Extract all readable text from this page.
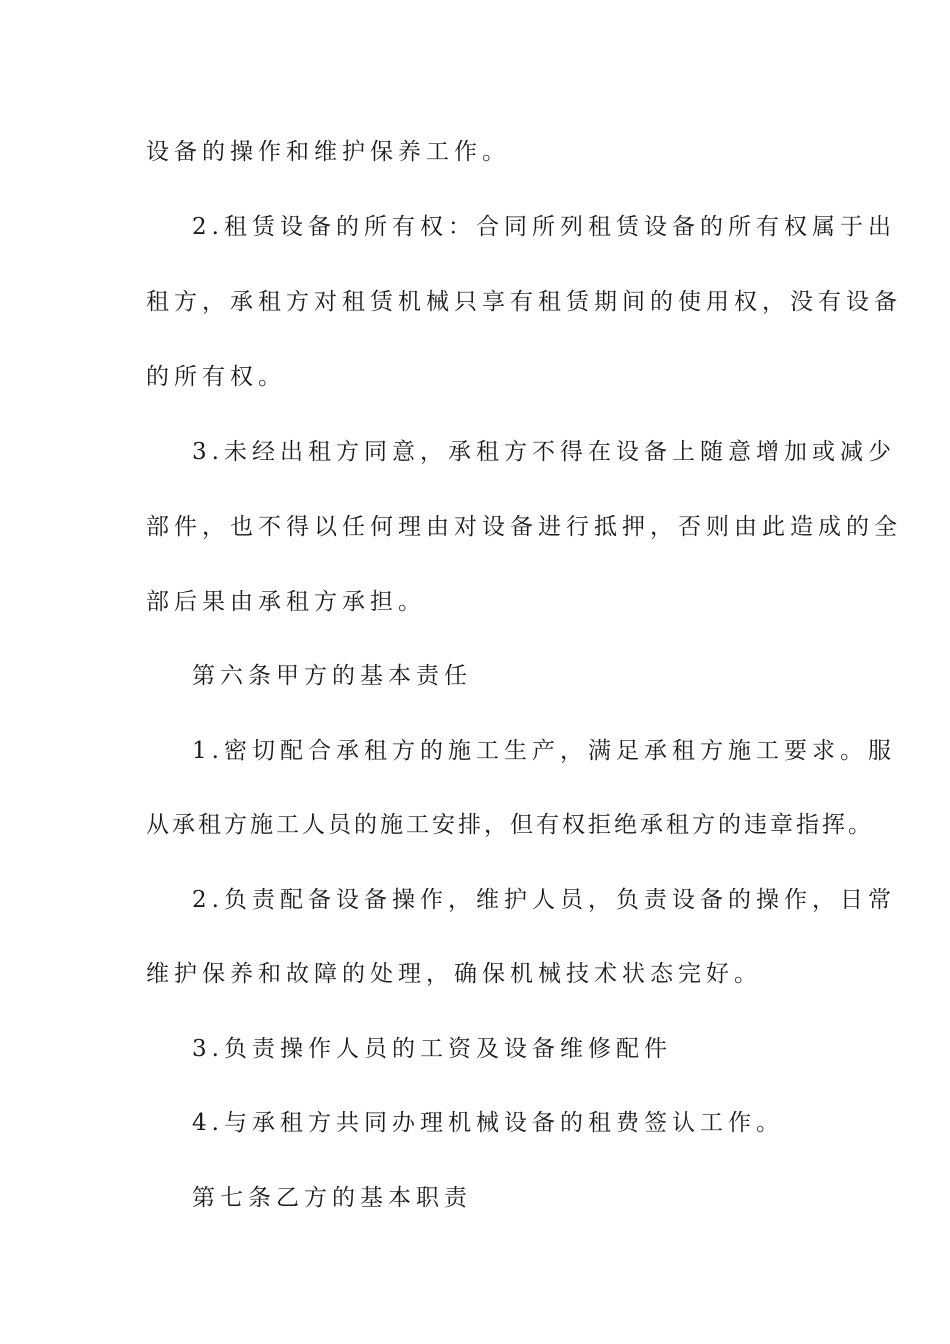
设备的操作和维护保养工作。
2.租赁设备的所有权：合同所列租赁设备的所有权属于出
租方，承租方对租赁机械只享有租赁期间的使用权，没有设备
的所有权。
3.未经出租方同意，承租方不得在设备上随意增加或减少
部件，也不得以任何理由对设备进行抵押，否则由此造成的全
部后果由承租方承担。
第六条甲方的基本责任
1.密切配合承租方的施工生产，满足承租方施工要求。服
从承租方施工人员的施工安排，但有权拒绝承租方的违章指挥。
2.负责配备设备操作，维护人员，负责设备的操作，日常
维护保养和故障的处理，确保机械技术状态完好。
3.负责操作人员的工资及设备维修配件
4.与承租方共同办理机械设备的租费签认工作。
第七条乙方的基本职责
